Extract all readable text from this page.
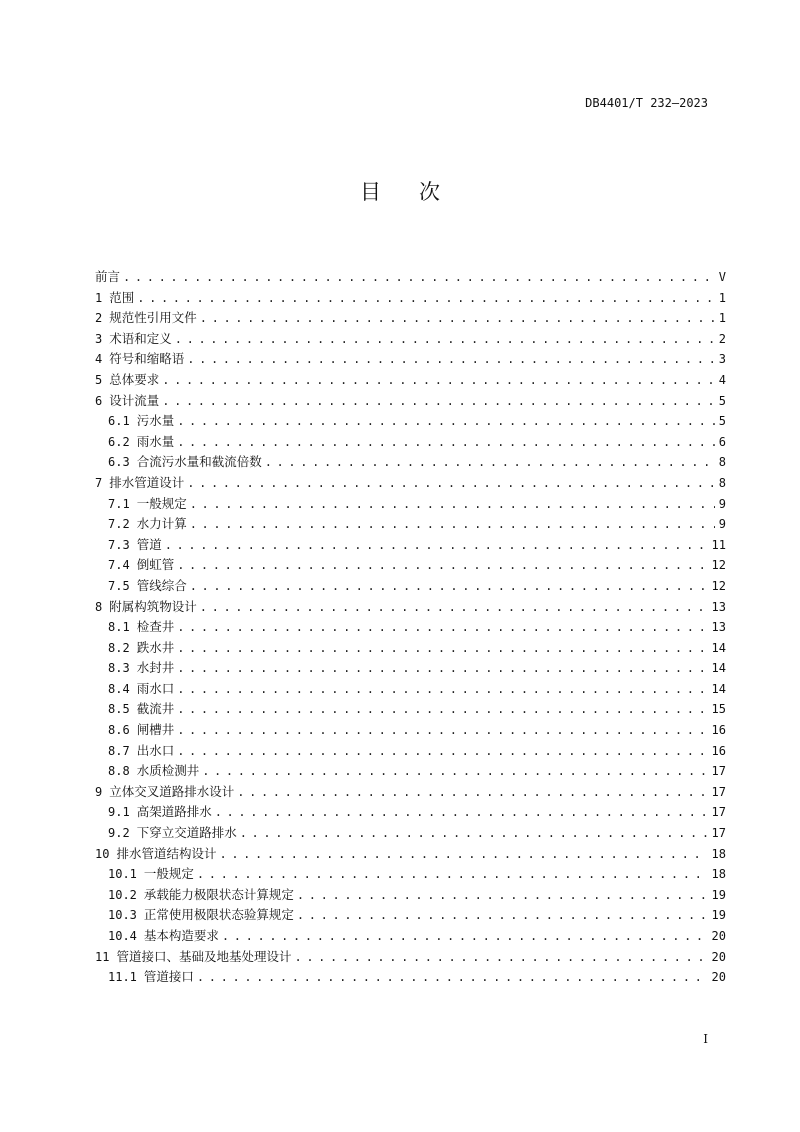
DB4401/T 232—2023
目次
前言 . . .	V
1 范围 . . .	1
2 规范性引用文件 . . .	1
3 术语和定义 . . .	2
4 符号和缩略语 . . .	3
5 总体要求 . . .	4
6 设计流量 . . .	5
6.1 污水量 . . .	5
6.2 雨水量 . . .	6
6.3 合流污水量和截流倍数 . . .	8
7 排水管道设计 . . .	8
7.1 一般规定 . . .	9
7.2 水力计算 . . .	9
7.3 管道 . . .	11
7.4 倒虹管 . . .	12
7.5 管线综合 . . .	12
8 附属构筑物设计 . . .	13
8.1 检查井 . . .	13
8.2 跌水井 . . .	14
8.3 水封井 . . .	14
8.4 雨水口 . . .	14
8.5 截流井 . . .	15
8.6 闸槽井 . . .	16
8.7 出水口 . . .	16
8.8 水质检测井 . . .	17
9 立体交叉道路排水设计 . . .	17
9.1 高架道路排水 . . .	17
9.2 下穿立交道路排水 . . .	17
10 排水管道结构设计 . . .	18
10.1 一般规定 . . .	18
10.2 承载能力极限状态计算规定 . . .	19
10.3 正常使用极限状态验算规定 . . .	19
10.4 基本构造要求 . . .	20
11 管道接口、基础及地基处理设计 . . .	20
11.1 管道接口 . . .	20
I
